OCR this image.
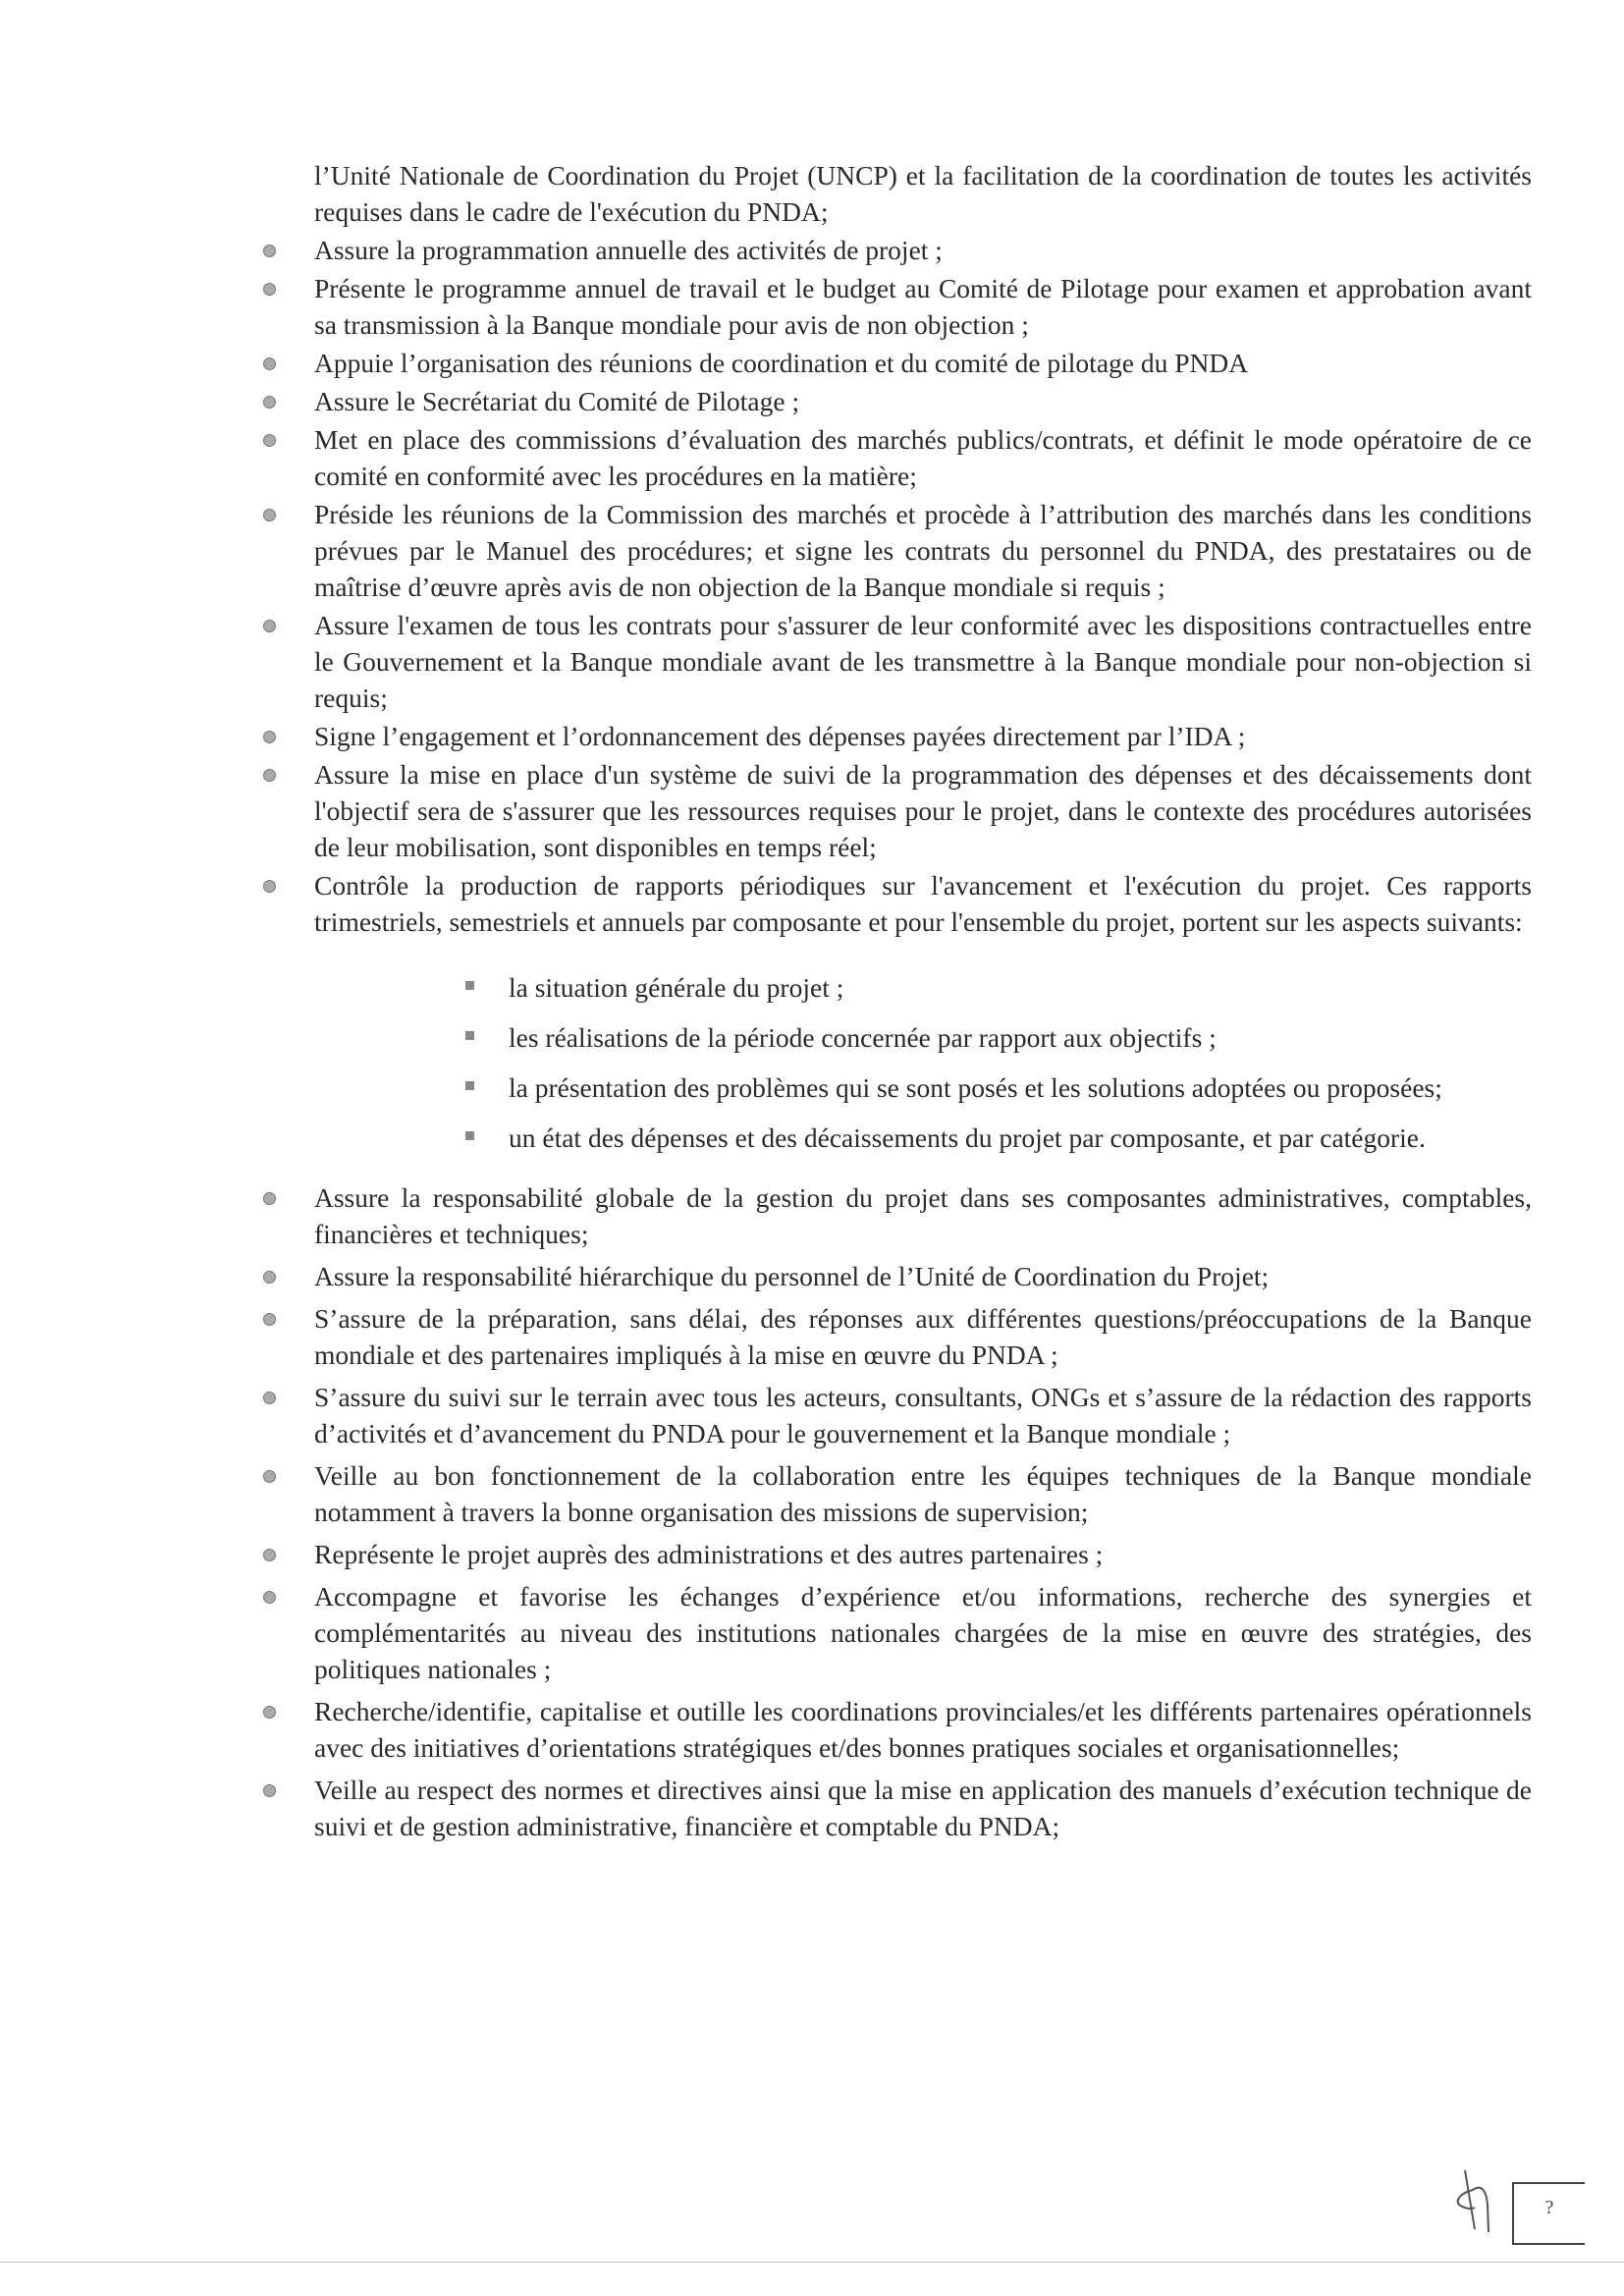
l’Unité Nationale de Coordination du Projet (UNCP) et la facilitation de la coordination de toutes les activités requises dans le cadre de l'exécution du PNDA;

Assure la programmation annuelle des activités de projet ;

Présente le programme annuel de travail et le budget au Comité de Pilotage pour examen et approbation avant sa transmission à la Banque mondiale pour avis de non objection ;

Appuie l’organisation des réunions de coordination et du comité de pilotage du PNDA

Assure le Secrétariat du Comité de Pilotage ;

Met en place des commissions d’évaluation des marchés publics/contrats, et définit le mode opératoire de ce comité en conformité avec les procédures en la matière;

Préside les réunions de la Commission des marchés et procède à l’attribution des marchés dans les conditions prévues par le Manuel des procédures; et signe les contrats du personnel du PNDA, des prestataires ou de maîtrise d’œuvre après avis de non objection de la Banque mondiale si requis ;

Assure l'examen de tous les contrats pour s'assurer de leur conformité avec les dispositions contractuelles entre le Gouvernement et la Banque mondiale avant de les transmettre à la Banque mondiale pour non-objection si requis;

Signe l’engagement et l’ordonnancement des dépenses payées directement par l’IDA ;

Assure la mise en place d'un système de suivi de la programmation des dépenses et des décaissements dont l'objectif sera de s'assurer que les ressources requises pour le projet, dans le contexte des procédures autorisées de leur mobilisation, sont disponibles en temps réel;

Contrôle la production de rapports périodiques sur l'avancement et l'exécution du projet. Ces rapports trimestriels, semestriels et annuels par composante et pour l'ensemble du projet, portent sur les aspects suivants:

la situation générale du projet ;

les réalisations de la période concernée par rapport aux objectifs ;

la présentation des problèmes qui se sont posés et les solutions adoptées ou proposées;

un état des dépenses et des décaissements du projet par composante, et par catégorie.

Assure la responsabilité globale de la gestion du projet dans ses composantes administratives, comptables, financières et techniques;

Assure la responsabilité hiérarchique du personnel de l’Unité de Coordination du Projet;

S’assure de la préparation, sans délai, des réponses aux différentes questions/préoccupations de la Banque mondiale et des partenaires impliqués à la mise en œuvre du PNDA ;

S’assure du suivi sur le terrain avec tous les acteurs, consultants, ONGs et s’assure de la rédaction des rapports d’activités et d’avancement du PNDA pour le gouvernement et la Banque mondiale ;

Veille au bon fonctionnement de la collaboration entre les équipes techniques de la Banque mondiale notamment à travers la bonne organisation des missions de supervision;

Représente le projet auprès des administrations et des autres partenaires ;

Accompagne et favorise les échanges d’expérience et/ou informations, recherche des synergies et complémentarités au niveau des institutions nationales chargées de la mise en œuvre des stratégies, des politiques nationales ;

Recherche/identifie, capitalise et outille les coordinations provinciales/et les différents partenaires opérationnels avec des initiatives d’orientations stratégiques et/des bonnes pratiques sociales et organisationnelles;

Veille au respect des normes et directives ainsi que la mise en application des manuels d’exécution technique de suivi et de gestion administrative, financière et comptable du PNDA;

?
